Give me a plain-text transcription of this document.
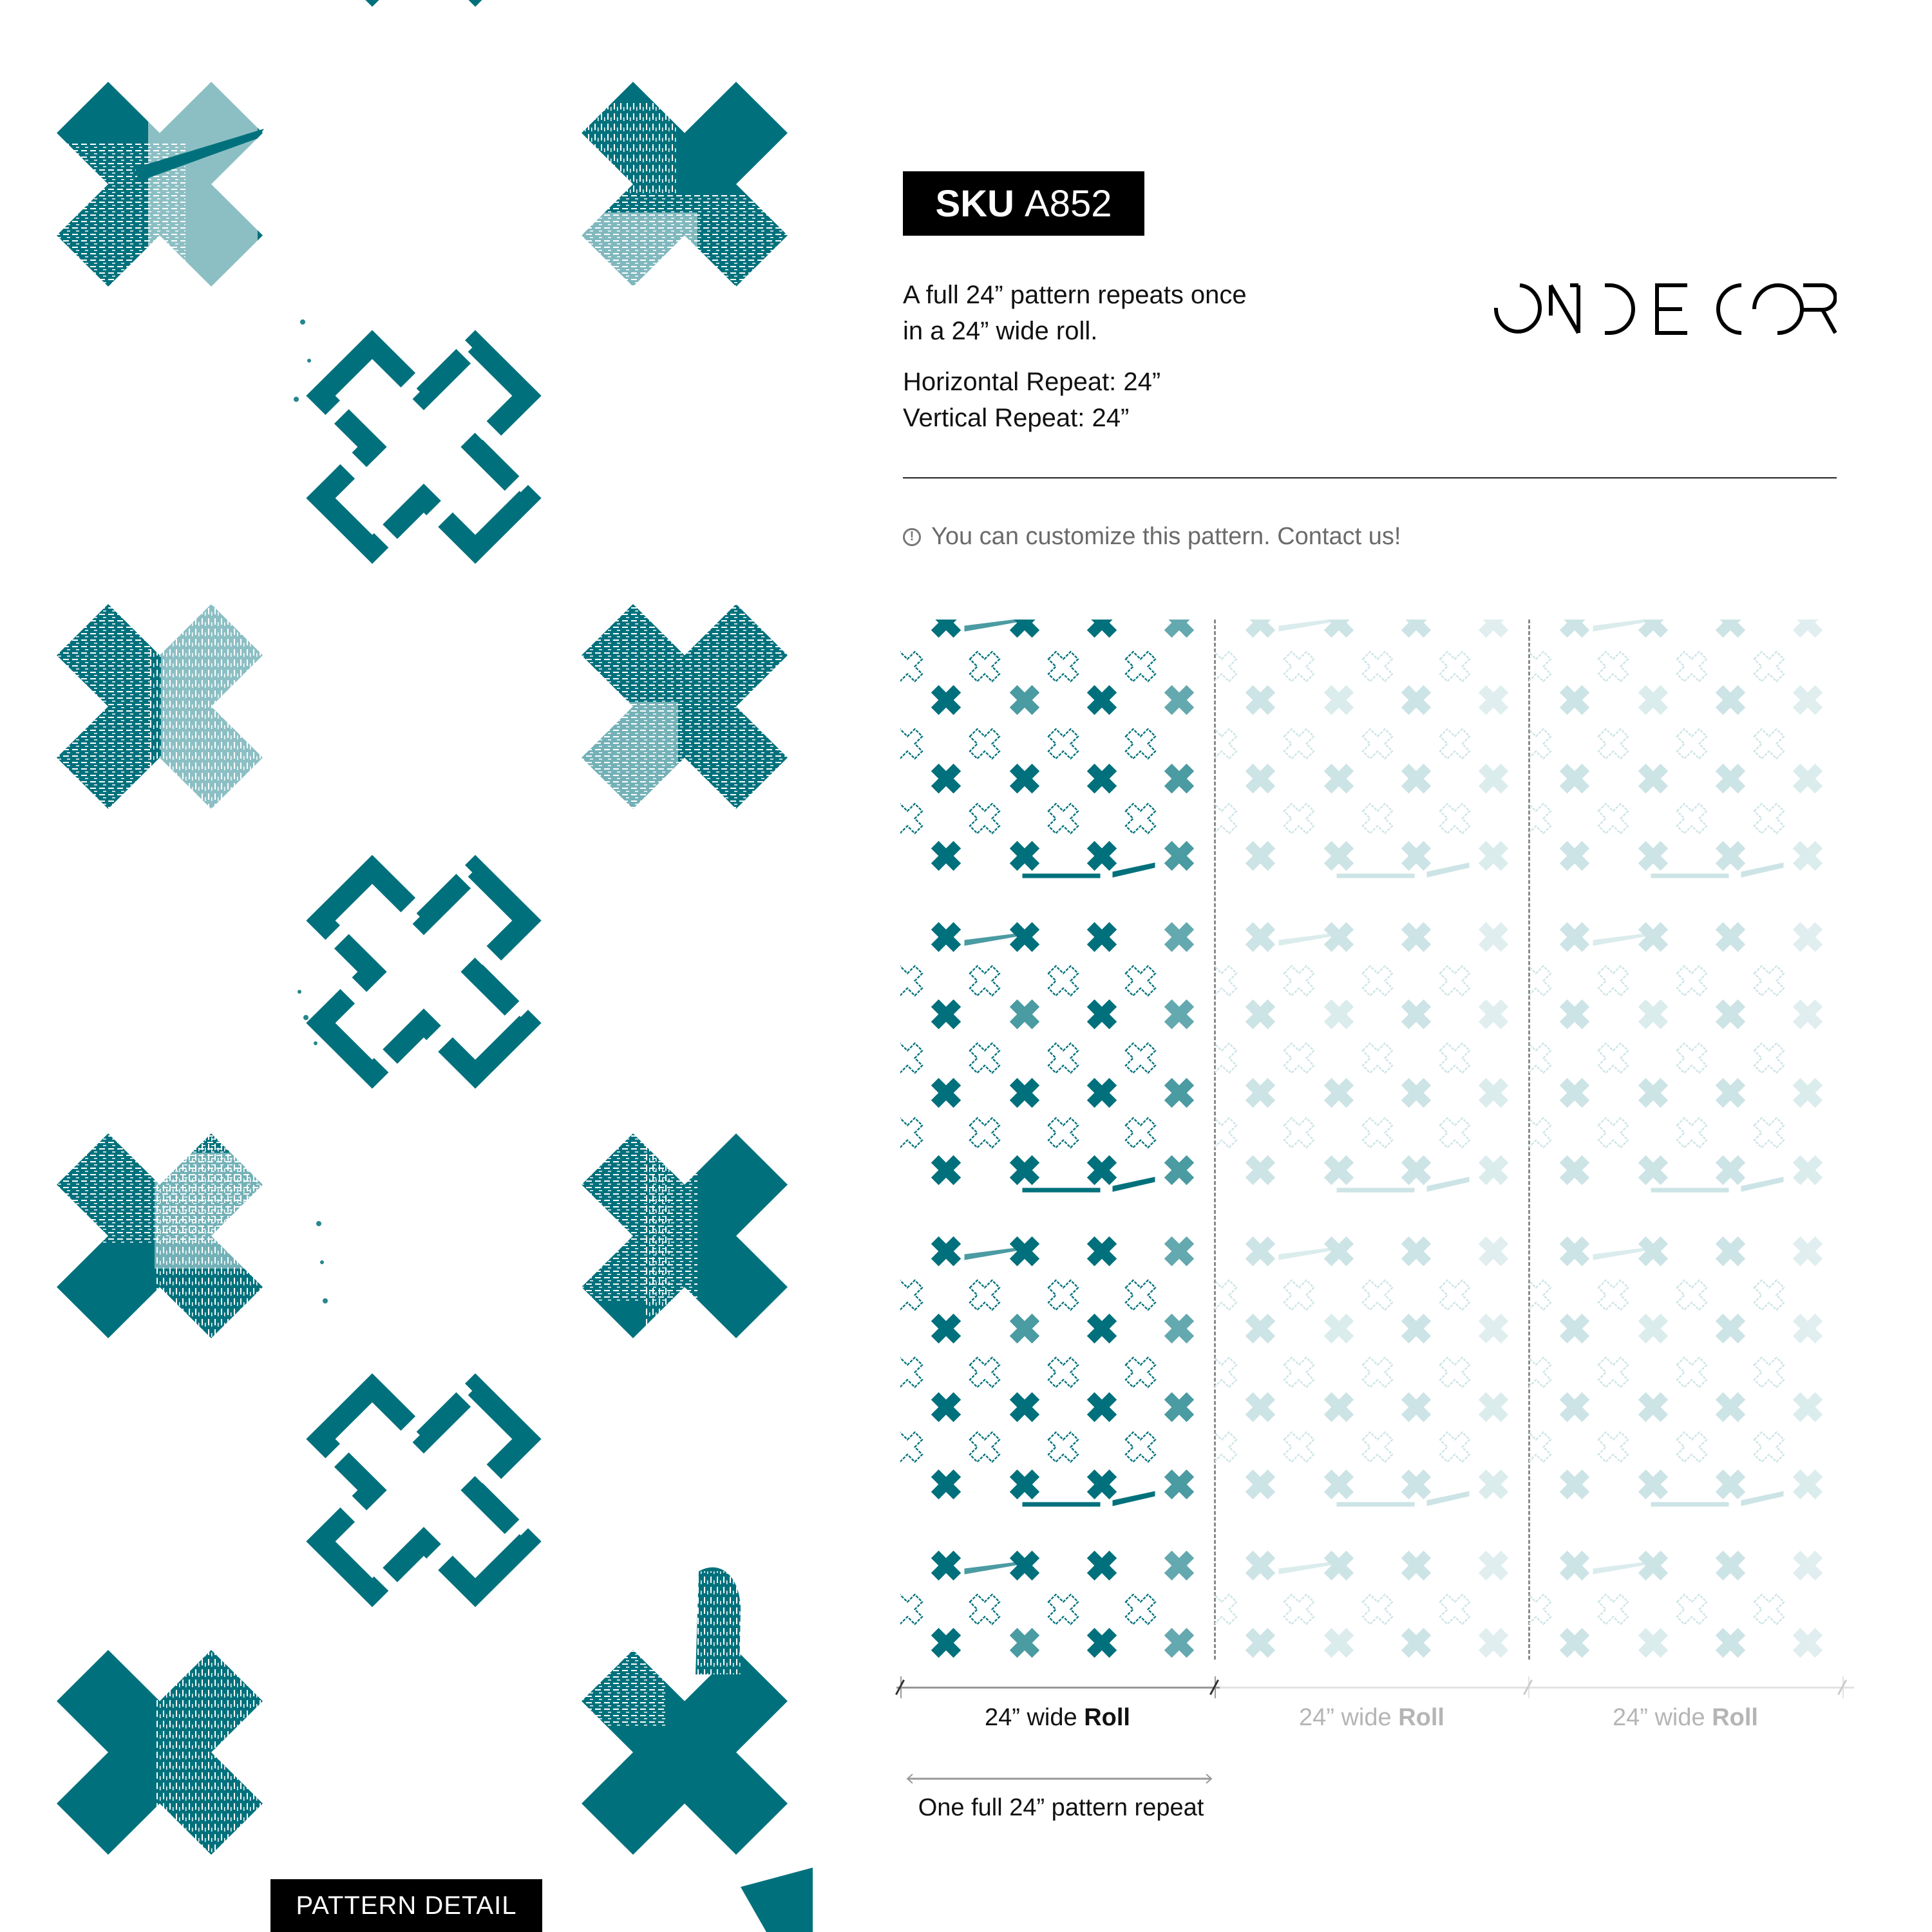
PATTERN DETAIL
SKU A852
A full 24” pattern repeats once
in a 24” wide roll.
Horizontal Repeat: 24”
Vertical Repeat: 24”
! You can customize this pattern. Contact us!
24” wide Roll	24” wide Roll	24” wide Roll
One full 24” pattern repeat
